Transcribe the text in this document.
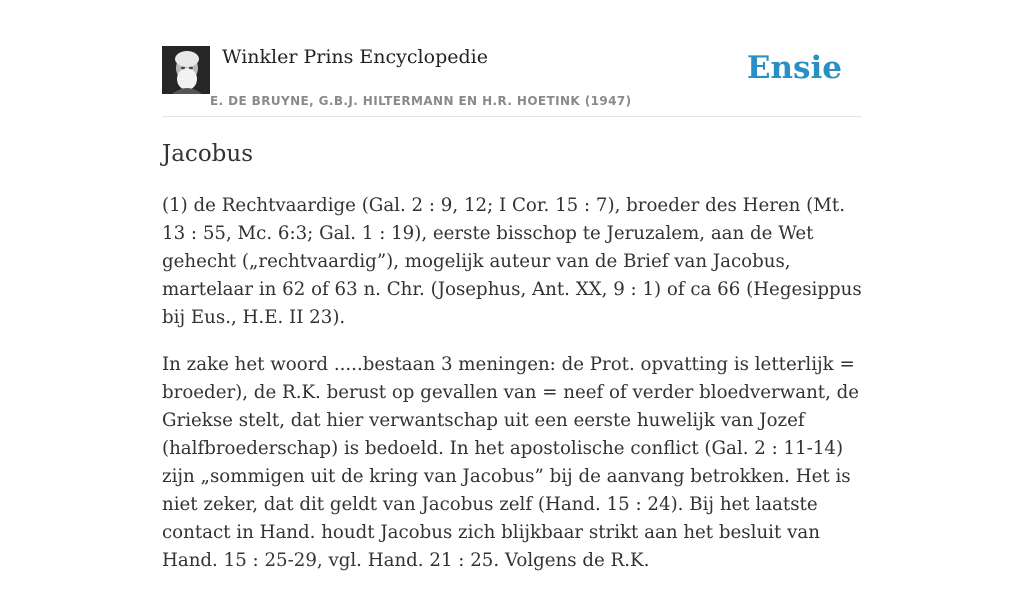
Winkler Prins Encyclopedie
E. DE BRUYNE, G.B.J. HILTERMANN EN H.R. HOETINK (1947)
Ensie
Jacobus

(1) de Rechtvaardige (Gal. 2 : 9, 12; I Cor. 15 : 7), broeder des Heren (Mt. 13 : 55, Mc. 6:3; Gal. 1 : 19), eerste bisschop te Jeruzalem, aan de Wet gehecht („rechtvaardig”), mogelijk auteur van de Brief van Jacobus, martelaar in 62 of 63 n. Chr. (Josephus, Ant. XX, 9 : 1) of ca 66 (Hegesippus bij Eus., H.E. II 23).

In zake het woord .....bestaan 3 meningen: de Prot. opvatting is letterlijk = broeder), de R.K. berust op gevallen van = neef of verder bloedverwant, de Griekse stelt, dat hier verwantschap uit een eerste huwelijk van Jozef (halfbroederschap) is bedoeld. In het apostolische conflict (Gal. 2 : 11-14) zijn „sommigen uit de kring van Jacobus” bij de aanvang betrokken. Het is niet zeker, dat dit geldt van Jacobus zelf (Hand. 15 : 24). Bij het laatste contact in Hand. houdt Jacobus zich blijkbaar strikt aan het besluit van Hand. 15 : 25-29, vgl. Hand. 21 : 25. Volgens de R.K.
